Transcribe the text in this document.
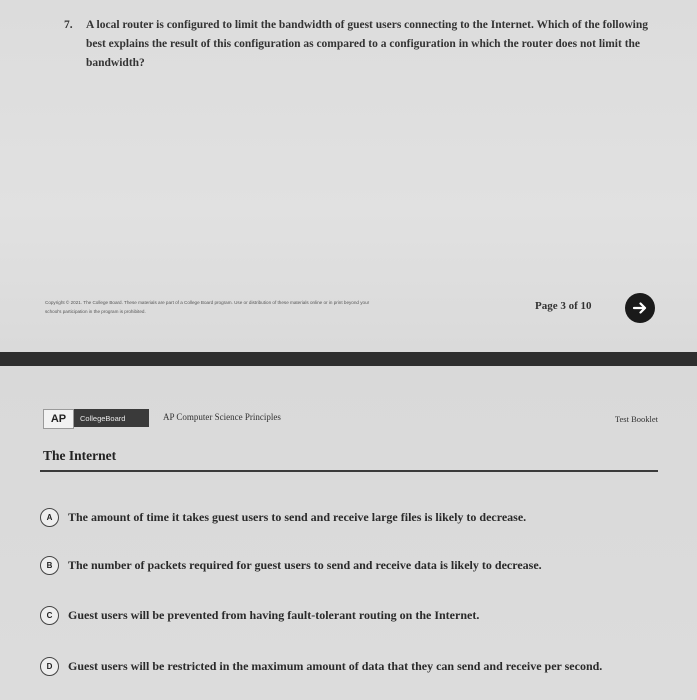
7. A local router is configured to limit the bandwidth of guest users connecting to the Internet. Which of the following best explains the result of this configuration as compared to a configuration in which the router does not limit the bandwidth?
Copyright © 2021. The College Board. These materials are part of a College Board program. Use or distribution of these materials online or in print beyond your
school's participation in the program is prohibited.	Page 3 of 10
AP	CollegeBoard	AP Computer Science Principles	Test Booklet
The Internet
A	The amount of time it takes guest users to send and receive large files is likely to decrease.
B	The number of packets required for guest users to send and receive data is likely to decrease.
C	Guest users will be prevented from having fault-tolerant routing on the Internet.
D	Guest users will be restricted in the maximum amount of data that they can send and receive per second.
